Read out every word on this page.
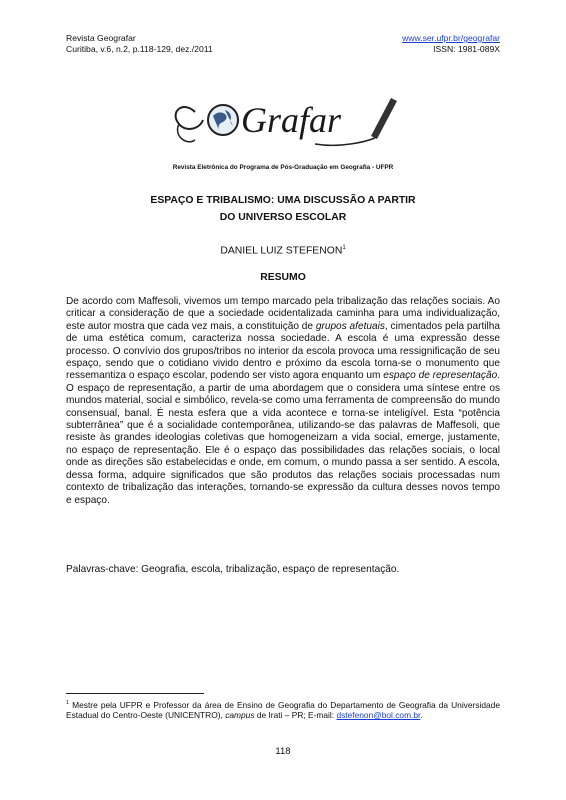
Revista Geografar
Curitiba, v.6, n.2, p.118-129, dez./2011
www.ser.ufpr.br/geografar
ISSN: 1981-089X
Grafar
Revista Eletrônica do Programa de Pós-Graduação em Geografia - UFPR
ESPAÇO E TRIBALISMO: UMA DISCUSSÃO A PARTIR
DO UNIVERSO ESCOLAR
DANIEL LUIZ STEFENON$^1$
RESUMO

De acordo com Maffesoli, vivemos um tempo marcado pela tribalização das relações sociais. Ao criticar a consideração de que a sociedade ocidentalizada caminha para uma individualização, este autor mostra que cada vez mais, a constituição de grupos afetuais, cimentados pela partilha de uma estética comum, caracteriza nossa sociedade. A escola é uma expressão desse processo. O convívio dos grupos/tribos no interior da escola provoca uma ressignificação de seu espaço, sendo que o cotidiano vivido dentro e próximo da escola torna-se o monumento que ressemantiza o espaço escolar, podendo ser visto agora enquanto um espaço de representação. O espaço de representação, a partir de uma abordagem que o considera uma síntese entre os mundos material, social e simbólico, revela-se como uma ferramenta de compreensão do mundo consensual, banal. É nesta esfera que a vida acontece e torna-se inteligível. Esta “potência subterrânea” que é a socialidade contemporânea, utilizando-se das palavras de Maffesoli, que resiste às grandes ideologias coletivas que homogeneizam a vida social, emerge, justamente, no espaço de representação. Ele é o espaço das possibilidades das relações sociais, o local onde as direções são estabelecidas e onde, em comum, o mundo passa a ser sentido. A escola, dessa forma, adquire significados que são produtos das relações sociais processadas num contexto de tribalização das interações, tornando-se expressão da cultura desses novos tempo e espaço.

Palavras-chave: Geografia, escola, tribalização, espaço de representação.

$^1$ Mestre pela UFPR e Professor da área de Ensino de Geografia do Departamento de Geografia da Universidade Estadual do Centro-Oeste (UNICENTRO), campus de Irati – PR; E-mail: dstefenon@bol.com.br.

118
